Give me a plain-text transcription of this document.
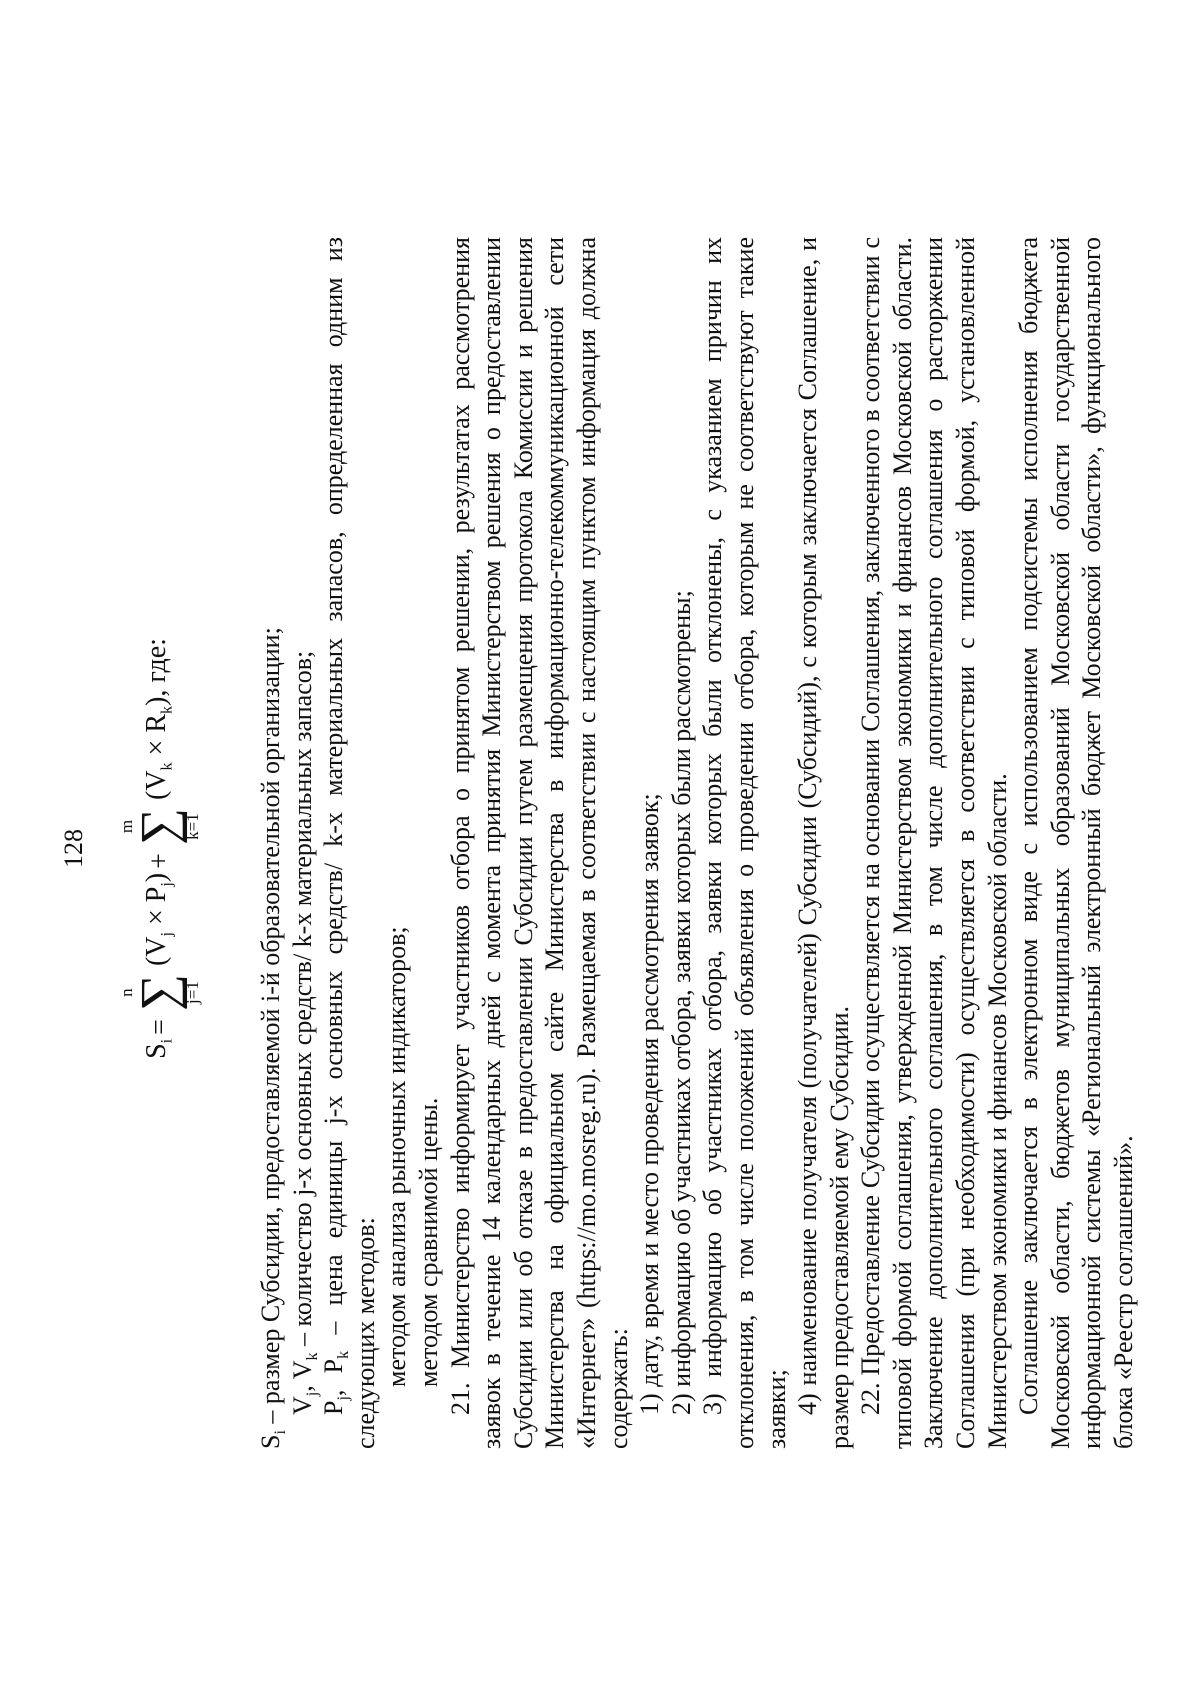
128
$S_i$
=
n
∑
j=1
$(V_j \times P_j)$
+
m
∑
k=1
$(V_k \times R_k)$, где:

$S_i$ – размер Субсидии, предоставляемой i-й образовательной организации; $V_j$, $V_k$ – количество j-х основных средств/ k-х материальных запасов;

$P_j$, $P_k$ – цена единицы j-х основных средств/ k-х материальных запасов, определенная одним из следующих методов: методом анализа рыночных индикаторов; методом сравнимой цены. 21. Министерство информирует участников отбора о принятом решении, результатах рассмотрения заявок в течение 14 календарных дней с момента принятия Министерством решения о предоставлении Субсидии или об отказе в предоставлении Субсидии путем размещения протокола Комиссии и решения Министерства на официальном сайте Министерства в информационно-телекоммуникационной сети «Интернет» (https://mo.mosreg.ru). Размещаемая в соответствии с настоящим пунктом информация должна содержать: 1) дату, время и место проведения рассмотрения заявок; 2) информацию об участниках отбора, заявки которых были рассмотрены; 3) информацию об участниках отбора, заявки которых были отклонены, с указанием причин их отклонения, в том числе положений объявления о проведении отбора, которым не соответствуют такие заявки; 4) наименование получателя (получателей) Субсидии (Субсидий), с которым заключается Соглашение, и размер предоставляемой ему Субсидии. 22. Предоставление Субсидии осуществляется на основании Соглашения, заключенного в соответствии с типовой формой соглашения, утвержденной Министерством экономики и финансов Московской области. Заключение дополнительного соглашения, в том числе дополнительного соглашения о расторжении Соглашения (при необходимости) осуществляется в соответствии с типовой формой, установленной Министерством экономики и финансов Московской области. Соглашение заключается в электронном виде с использованием подсистемы исполнения бюджета Московской области, бюджетов муниципальных образований Московской области государственной информационной системы «Региональный электронный бюджет Московской области», функционального блока «Реестр соглашений».
